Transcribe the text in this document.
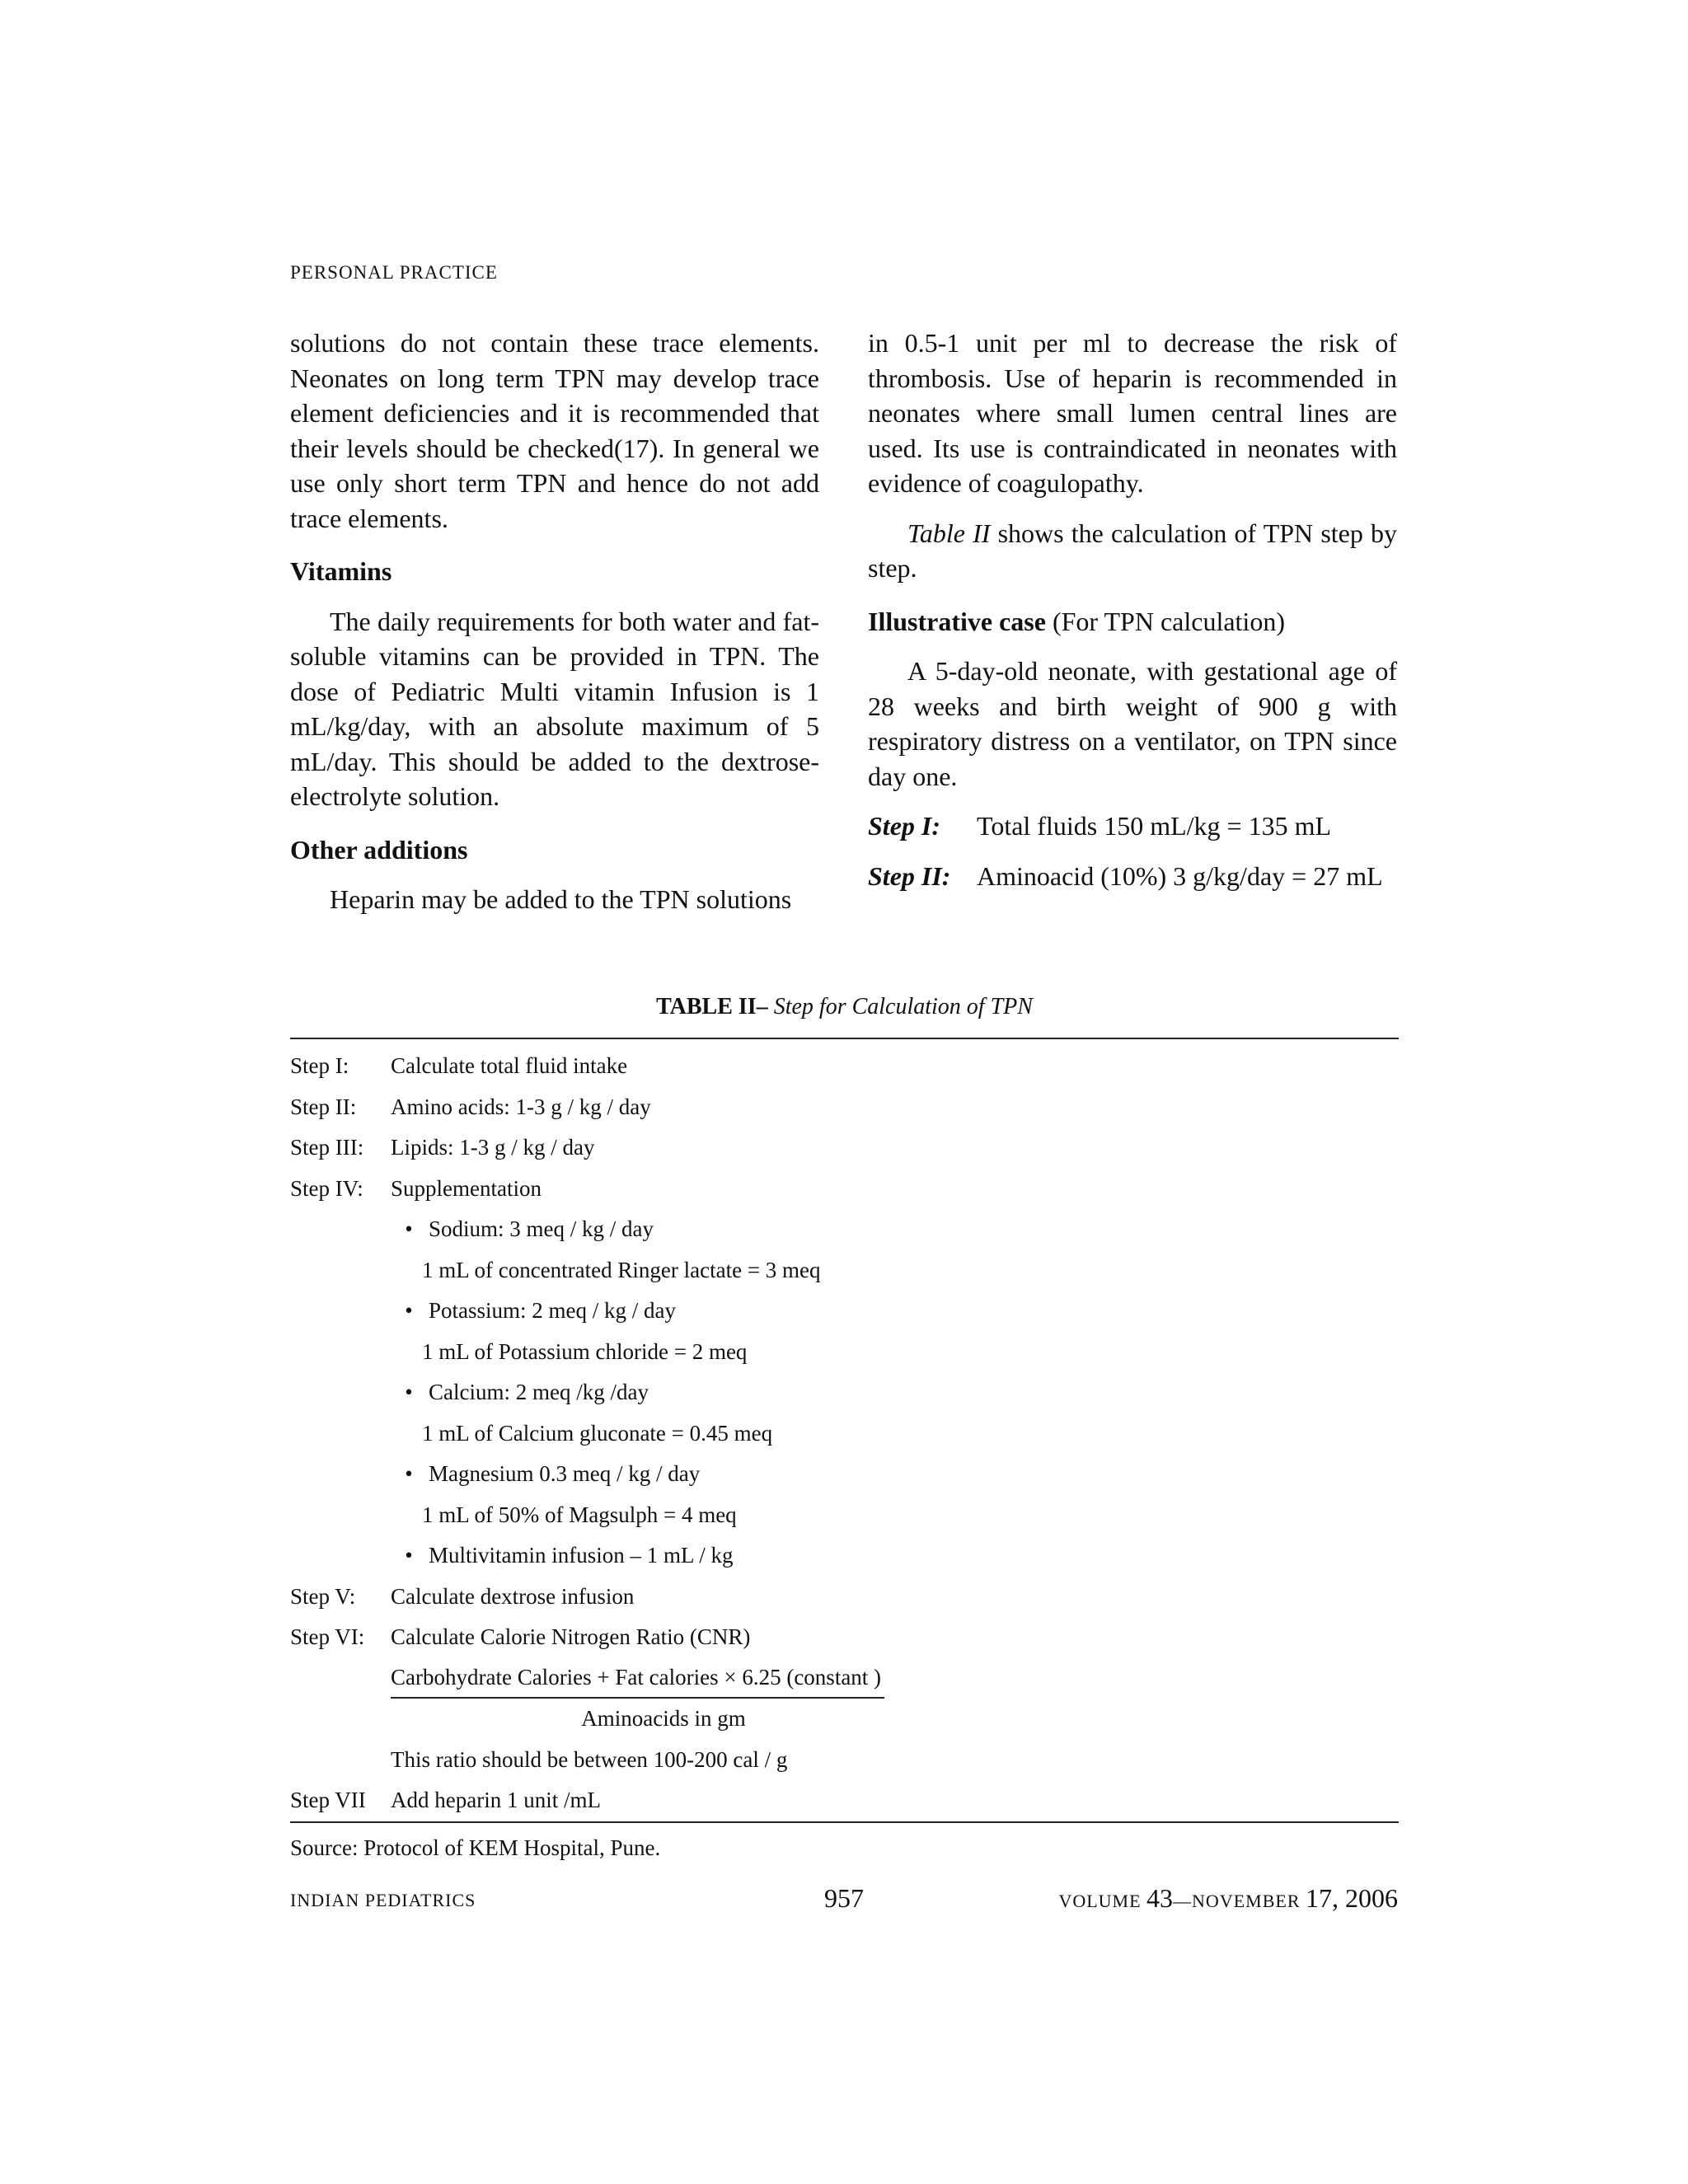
PERSONAL PRACTICE

solutions do not contain these trace elements. Neonates on long term TPN may develop trace element deficiencies and it is recommended that their levels should be checked(17). In general we use only short term TPN and hence do not add trace elements.

Vitamins

The daily requirements for both water and fat-soluble vitamins can be provided in TPN. The dose of Pediatric Multi vitamin Infusion is 1 mL/kg/day, with an absolute maximum of 5 mL/day. This should be added to the dextrose-electrolyte solution.

Other additions

Heparin may be added to the TPN solutions

in 0.5-1 unit per ml to decrease the risk of thrombosis. Use of heparin is recommended in neonates where small lumen central lines are used. Its use is contraindicated in neonates with evidence of coagulopathy.

Table II shows the calculation of TPN step by step.

Illustrative case (For TPN calculation)

A 5-day-old neonate, with gestational age of 28 weeks and birth weight of 900 g with respiratory distress on a ventilator, on TPN since day one.

Step I:	Total fluids 150 mL/kg = 135 mL
Step II: Aminoacid (10%) 3 g/kg/day = 27 mL
TABLE II– Step for Calculation of TPN
Step I:	Calculate total fluid intake
Step II:	Amino acids: 1-3 g / kg / day
Step III:	Lipids: 1-3 g / kg / day
Step IV:	Supplementation
• Sodium: 3 meq / kg / day
1 mL of concentrated Ringer lactate = 3 meq
• Potassium: 2 meq / kg / day
1 mL of Potassium chloride = 2 meq
• Calcium: 2 meq /kg /day
1 mL of Calcium gluconate = 0.45 meq
• Magnesium 0.3 meq / kg / day
1 mL of 50% of Magsulph = 4 meq
• Multivitamin infusion – 1 mL / kg
Step V:	Calculate dextrose infusion
Step VI:	Calculate Calorie Nitrogen Ratio (CNR)
Carbohydrate Calories + Fat calories × 6.25 (constant )
Aminoacids in gm
This ratio should be between 100-200 cal / g
Step VII	Add heparin 1 unit /mL
Source: Protocol of KEM Hospital, Pune.
INDIAN PEDIATRICS	957	VOLUME 43—NOVEMBER 17, 2006
